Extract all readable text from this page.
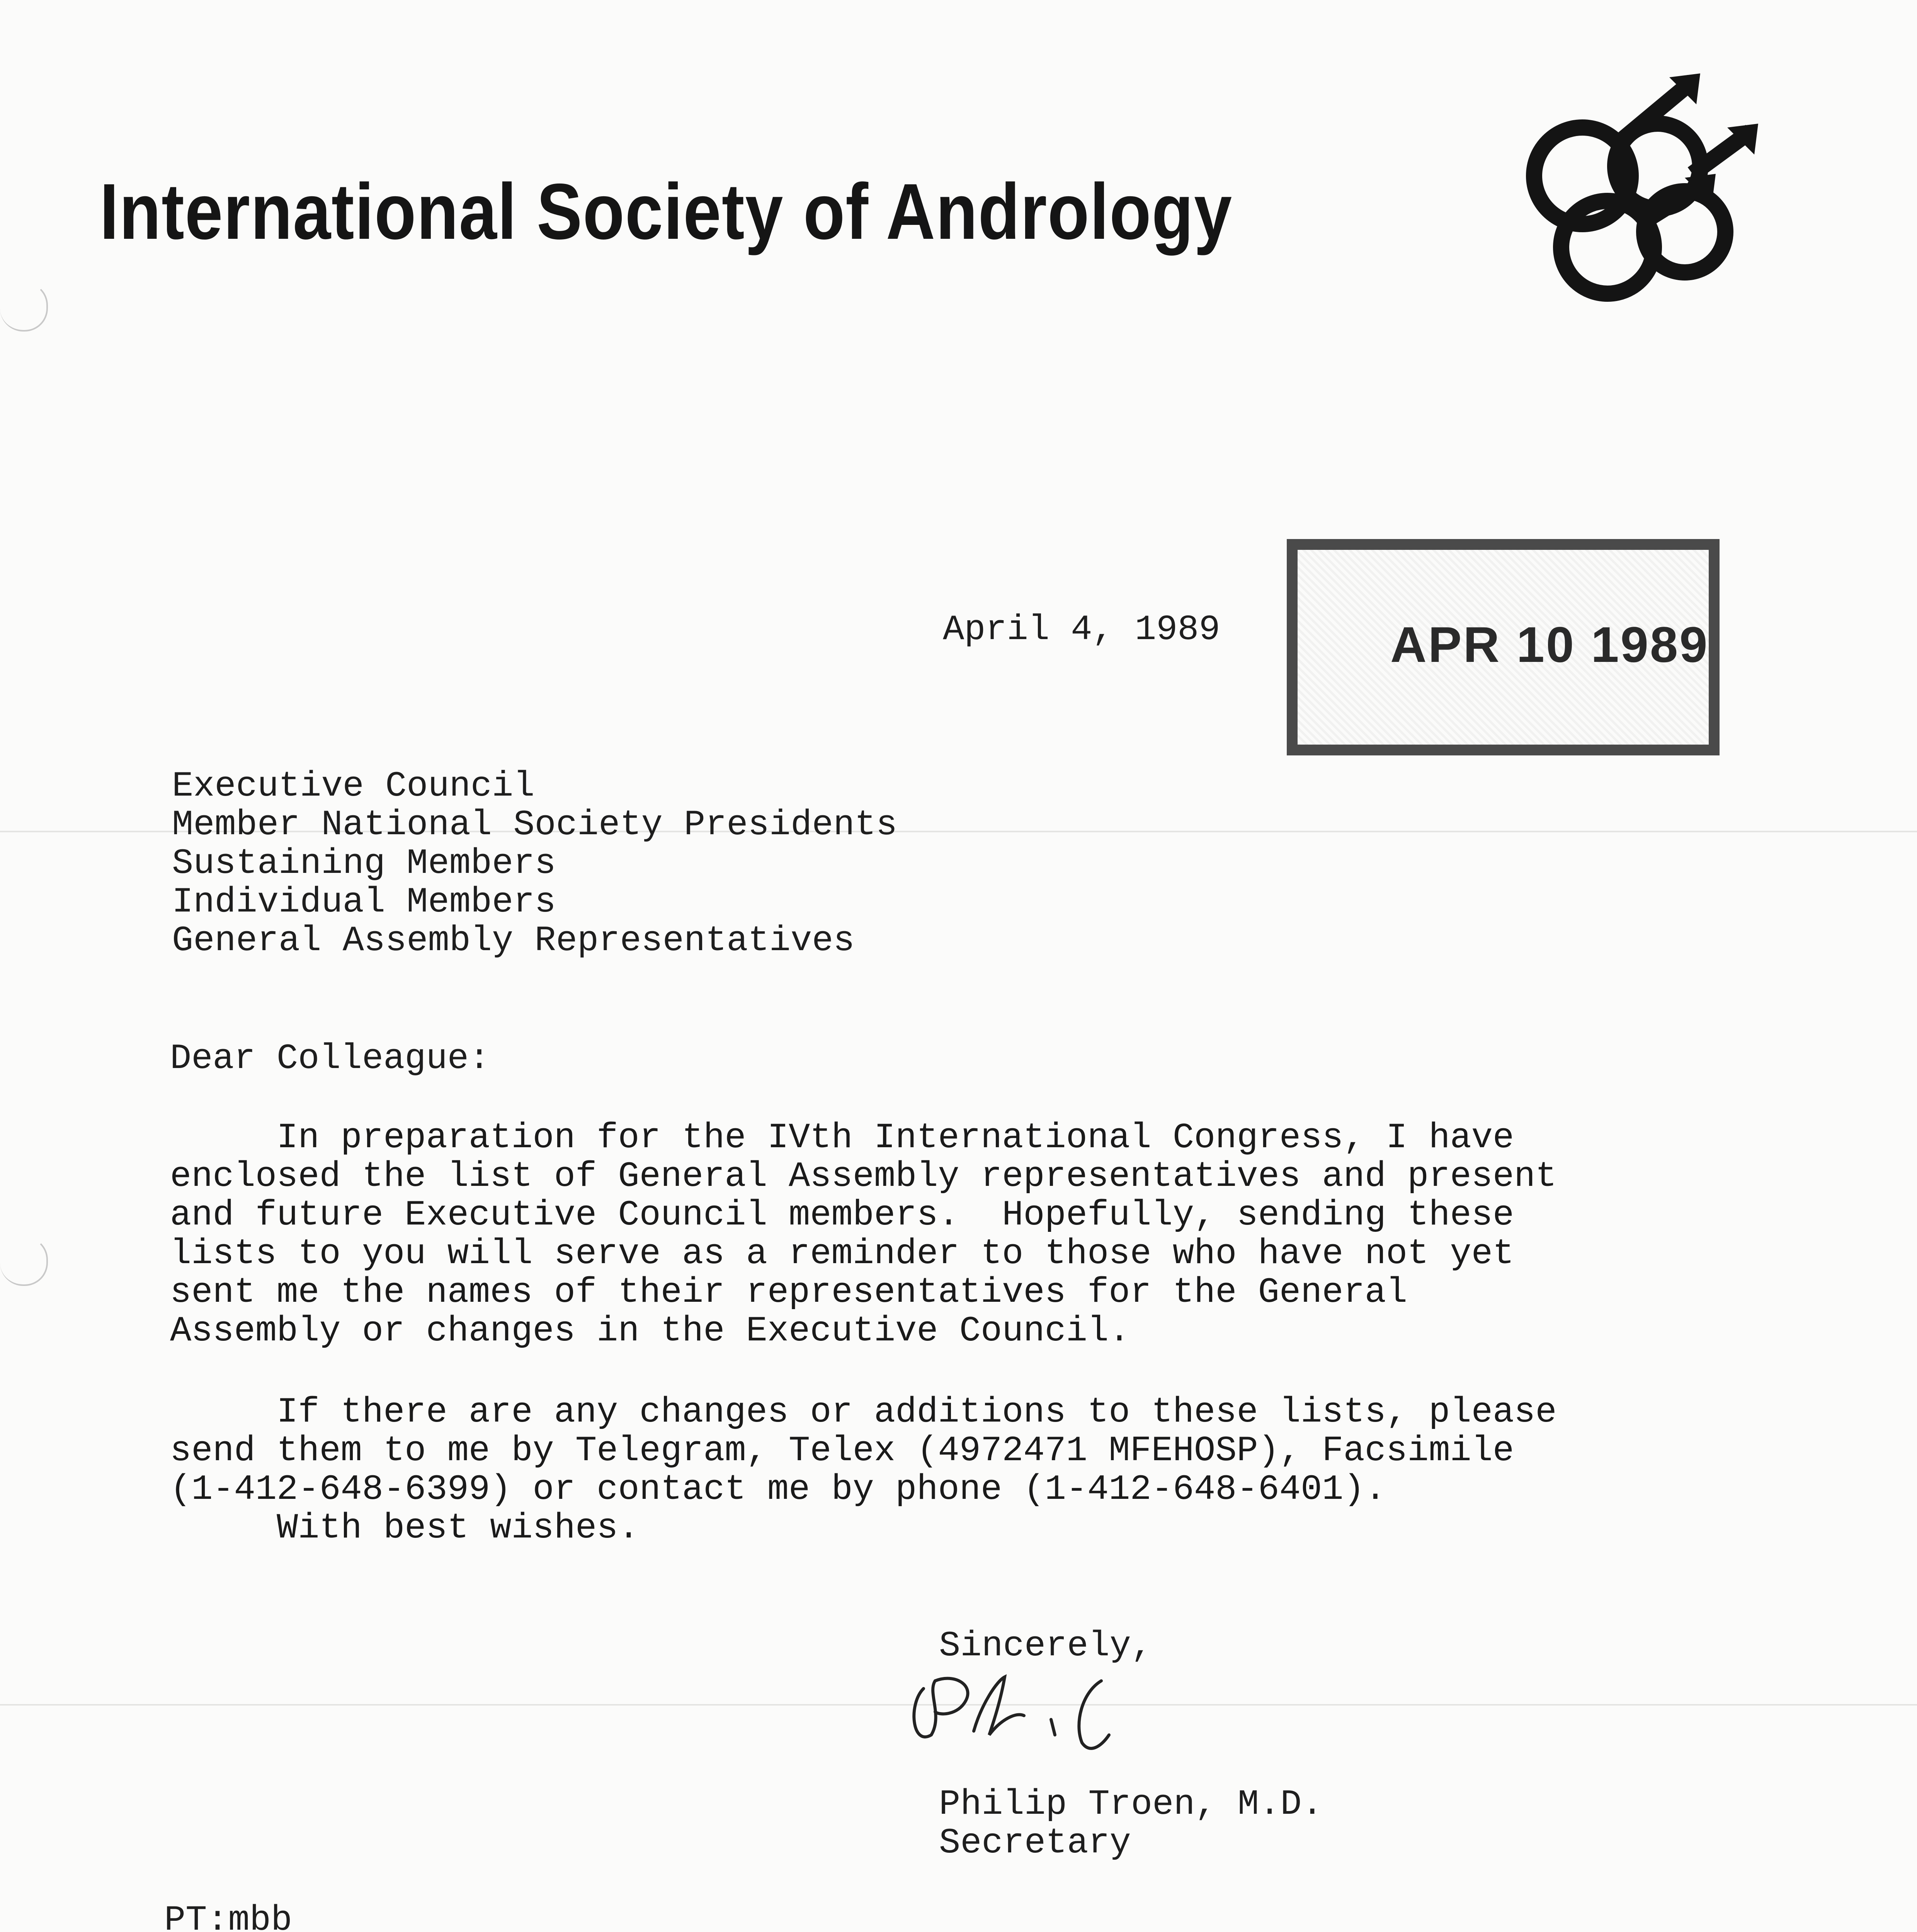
International Society of Andrology
April 4, 1989	APR 10 1989
Executive Council
Member National Society Presidents
Sustaining Members
Individual Members
General Assembly Representatives
Dear Colleague:
In preparation for the IVth International Congress, I have
enclosed the list of General Assembly representatives and present
and future Executive Council members.  Hopefully, sending these
lists to you will serve as a reminder to those who have not yet
sent me the names of their representatives for the General
Assembly or changes in the Executive Council.
If there are any changes or additions to these lists, please
send them to me by Telegram, Telex (4972471 MFEHOSP), Facsimile
(1-412-648-6399) or contact me by phone (1-412-648-6401).
With best wishes.
Sincerely,
Philip Troen, M.D.
Secretary
PT:mbb
